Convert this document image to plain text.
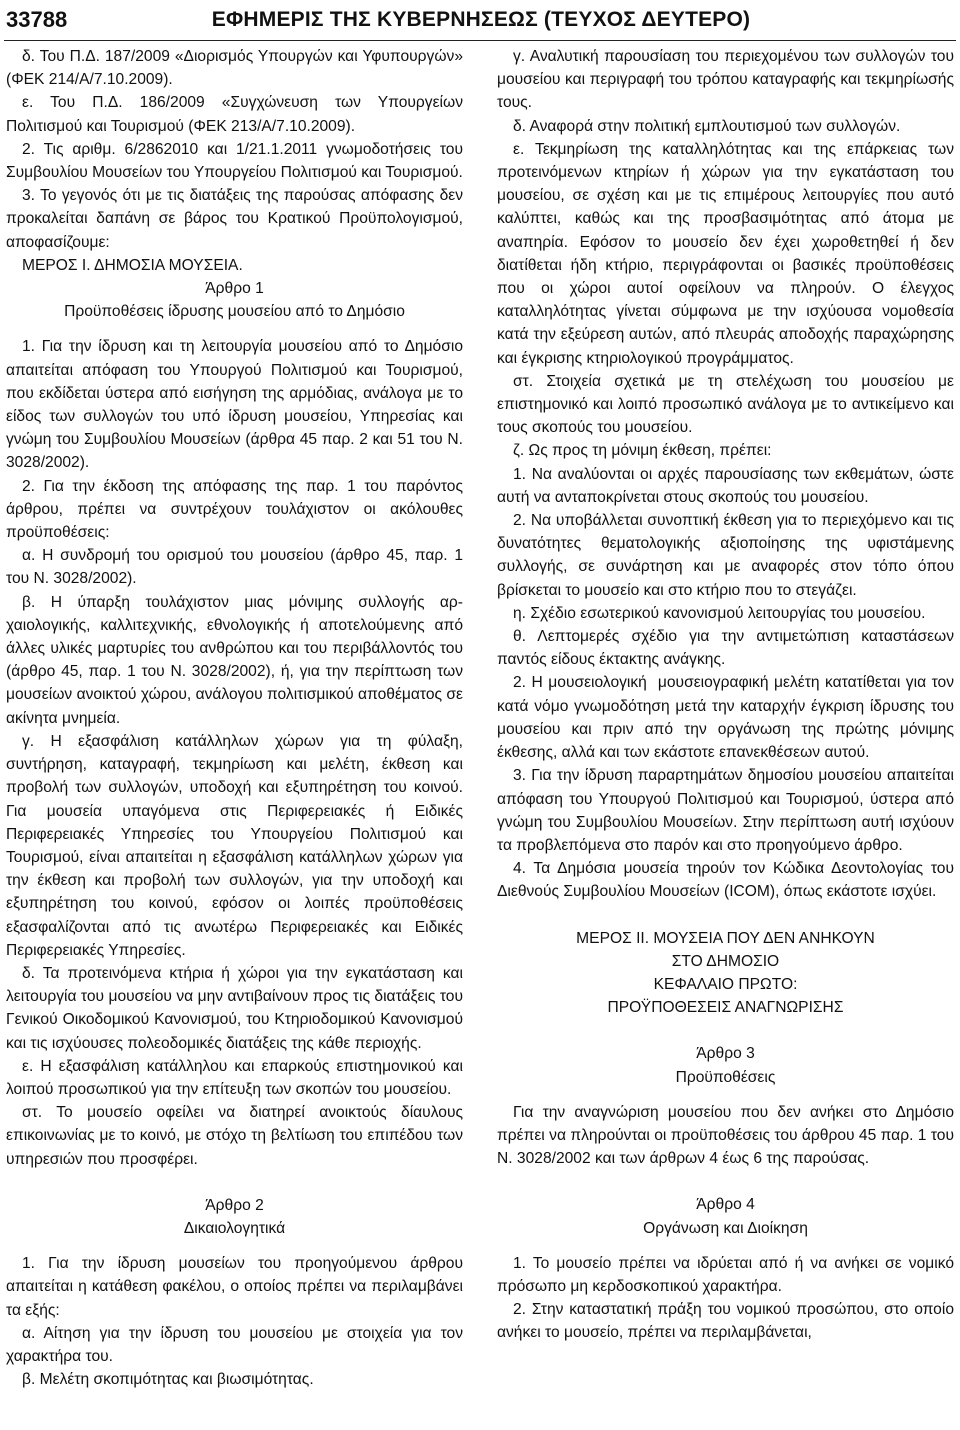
33788	ΕΦΗΜΕΡΙΣ ΤΗΣ ΚΥΒΕΡΝΗΣΕΩΣ (ΤΕΥΧΟΣ ΔΕΥΤΕΡΟ)

δ. Του Π.Δ. 187/2009 «Διορισμός Υπουργών και Υφυπουργών» (ΦΕΚ 214/Α/7.10.2009).

ε. Του Π.Δ. 186/2009 «Συγχώνευση των Υπουργείων Πολιτισμού και Τουρισμού (ΦΕΚ 213/Α/7.10.2009).

2. Τις αριθμ. 6/2862010 και 1/21.1.2011 γνωμοδοτήσεις του Συμβουλίου Μουσείων του Υπουργείου Πολιτισμού και Τουρισμού.

3. Το γεγονός ότι με τις διατάξεις της παρούσας απόφασης δεν προκαλείται δαπάνη σε βάρος του Κρατικού Προϋπολογισμού, αποφασίζουμε:

ΜΕΡΟΣ Ι. ΔΗΜΟΣΙΑ ΜΟΥΣΕΙΑ.

Άρθρο 1

Προϋποθέσεις ίδρυσης μουσείου από το Δημόσιο

1. Για την ίδρυση και τη λειτουργία μουσείου από το Δημόσιο απαιτείται απόφαση του Υπουργού Πολιτισμού και Τουρισμού, που εκδίδεται ύστερα από εισήγηση της αρμόδιας, ανάλογα με το είδος των συλλογών του υπό ίδρυση μουσείου, Υπηρεσίας και γνώμη του Συμβουλίου Μουσείων (άρθρα 45 παρ. 2 και 51 του Ν. 3028/2002).

2. Για την έκδοση της απόφασης της παρ. 1 του παρόντος άρθρου, πρέπει να συντρέχουν τουλάχιστον οι ακόλουθες προϋποθέσεις:

α. Η συνδρομή του ορισμού του μουσείου (άρθρο 45, παρ. 1 του Ν. 3028/2002).

β. Η ύπαρξη τουλάχιστον μιας μόνιμης συλλογής αρχαιολογικής, καλλιτεχνικής, εθνολογικής ή αποτελούμενης από άλλες υλικές μαρτυρίες του ανθρώπου και του περιβάλλοντός του (άρθρο 45, παρ. 1 του Ν. 3028/2002), ή, για την περίπτωση των μουσείων ανοικτού χώρου, ανάλογου πολιτισμικού αποθέματος σε ακίνητα μνημεία.

γ. Η εξασφάλιση κατάλληλων χώρων για τη φύλαξη, συντήρηση, καταγραφή, τεκμηρίωση και μελέτη, έκθεση και προβολή των συλλογών, υποδοχή και εξυπηρέτηση του κοινού. Για μουσεία υπαγόμενα στις Περιφερειακές ή Ειδικές Περιφερειακές Υπηρεσίες του Υπουργείου Πολιτισμού και Τουρισμού, είναι απαιτείται η εξασφάλιση κατάλληλων χώρων για την έκθεση και προβολή των συλλογών, για την υποδοχή και εξυπηρέτηση του κοινού, εφόσον οι λοιπές προϋποθέσεις εξασφαλίζονται από τις ανωτέρω Περιφερειακές και Ειδικές Περιφερειακές Υπηρεσίες.

δ. Τα προτεινόμενα κτήρια ή χώροι για την εγκατάσταση και λειτουργία του μουσείου να μην αντιβαίνουν προς τις διατάξεις του Γενικού Οικοδομικού Κανονισμού, του Κτηριοδομικού Κανονισμού και τις ισχύουσες πολεοδομικές διατάξεις της κάθε περιοχής.

ε. Η εξασφάλιση κατάλληλου και επαρκούς επιστημονικού και λοιπού προσωπικού για την επίτευξη των σκοπών του μουσείου.

στ. Το μουσείο οφείλει να διατηρεί ανοικτούς δίαυλους επικοινωνίας με το κοινό, με στόχο τη βελτίωση του επιπέδου των υπηρεσιών που προσφέρει.

Άρθρο 2

Δικαιολογητικά

1. Για την ίδρυση μουσείων του προηγούμενου άρθρου απαιτείται η κατάθεση φακέλου, ο οποίος πρέπει να περιλαμβάνει τα εξής:

α. Αίτηση για την ίδρυση του μουσείου με στοιχεία για τον χαρακτήρα του.

β. Μελέτη σκοπιμότητας και βιωσιμότητας.

γ. Αναλυτική παρουσίαση του περιεχομένου των συλλογών του μουσείου και περιγραφή του τρόπου καταγραφής και τεκμηρίωσής τους.

δ. Αναφορά στην πολιτική εμπλουτισμού των συλλογών.

ε. Τεκμηρίωση της καταλληλότητας και της επάρκειας των προτεινόμενων κτηρίων ή χώρων για την εγκατάσταση του μουσείου, σε σχέση και με τις επιμέρους λειτουργίες που αυτό καλύπτει, καθώς και της προσβασιμότητας από άτομα με αναπηρία. Εφόσον το μουσείο δεν έχει χωροθετηθεί ή δεν διατίθεται ήδη κτήριο, περιγράφονται οι βασικές προϋποθέσεις που οι χώροι αυτοί οφείλουν να πληρούν. Ο έλεγχος καταλληλότητας γίνεται σύμφωνα με την ισχύουσα νομοθεσία κατά την εξεύρεση αυτών, από πλευράς αποδοχής παραχώρησης και έγκρισης κτηριολογικού προγράμματος.

στ. Στοιχεία σχετικά με τη στελέχωση του μουσείου με επιστημονικό και λοιπό προσωπικό ανάλογα με το αντικείμενο και τους σκοπούς του μουσείου.

ζ. Ως προς τη μόνιμη έκθεση, πρέπει:

1. Να αναλύονται οι αρχές παρουσίασης των εκθεμάτων, ώστε αυτή να ανταποκρίνεται στους σκοπούς του μουσείου.

2. Να υποβάλλεται συνοπτική έκθεση για το περιεχόμενο και τις δυνατότητες θεματολογικής αξιοποίησης της υφιστάμενης συλλογής, σε συνάρτηση και με αναφορές στον τόπο όπου βρίσκεται το μουσείο και στο κτήριο που το στεγάζει.

η. Σχέδιο εσωτερικού κανονισμού λειτουργίας του μουσείου.

θ. Λεπτομερές σχέδιο για την αντιμετώπιση καταστάσεων παντός είδους έκτακτης ανάγκης.

2. Η μουσειολογική μουσειογραφική μελέτη κατατίθεται για τον κατά νόμο γνωμοδότηση μετά την καταρχήν έγκριση ίδρυσης του μουσείου και πριν από την οργάνωση της πρώτης μόνιμης έκθεσης, αλλά και των εκάστοτε επανεκθέσεων αυτού.

3. Για την ίδρυση παραρτημάτων δημοσίου μουσείου απαιτείται απόφαση του Υπουργού Πολιτισμού και Τουρισμού, ύστερα από γνώμη του Συμβουλίου Μουσείων. Στην περίπτωση αυτή ισχύουν τα προβλεπόμενα στο παρόν και στο προηγούμενο άρθρο.

4. Τα Δημόσια μουσεία τηρούν τον Κώδικα Δεοντολογίας του Διεθνούς Συμβουλίου Μουσείων (ICOM), όπως εκάστοτε ισχύει.

ΜΕΡΟΣ ΙΙ. ΜΟΥΣΕΙΑ ΠΟΥ ΔΕΝ ΑΝΗΚΟΥΝ

ΣΤΟ ΔΗΜΟΣΙΟ

ΚΕΦΑΛΑΙΟ ΠΡΩΤΟ:

ΠΡΟΫΠΟΘΕΣΕΙΣ ΑΝΑΓΝΩΡΙΣΗΣ

Άρθρο 3

Προϋποθέσεις

Για την αναγνώριση μουσείου που δεν ανήκει στο Δημόσιο πρέπει να πληρούνται οι προϋποθέσεις του άρθρου 45 παρ. 1 του Ν. 3028/2002 και των άρθρων 4 έως 6 της παρούσας.

Άρθρο 4

Οργάνωση και Διοίκηση

1. Το μουσείο πρέπει να ιδρύεται από ή να ανήκει σε νομικό πρόσωπο μη κερδοσκοπικού χαρακτήρα.

2. Στην καταστατική πράξη του νομικού προσώπου, στο οποίο ανήκει το μουσείο, πρέπει να περιλαμβάνεται,
